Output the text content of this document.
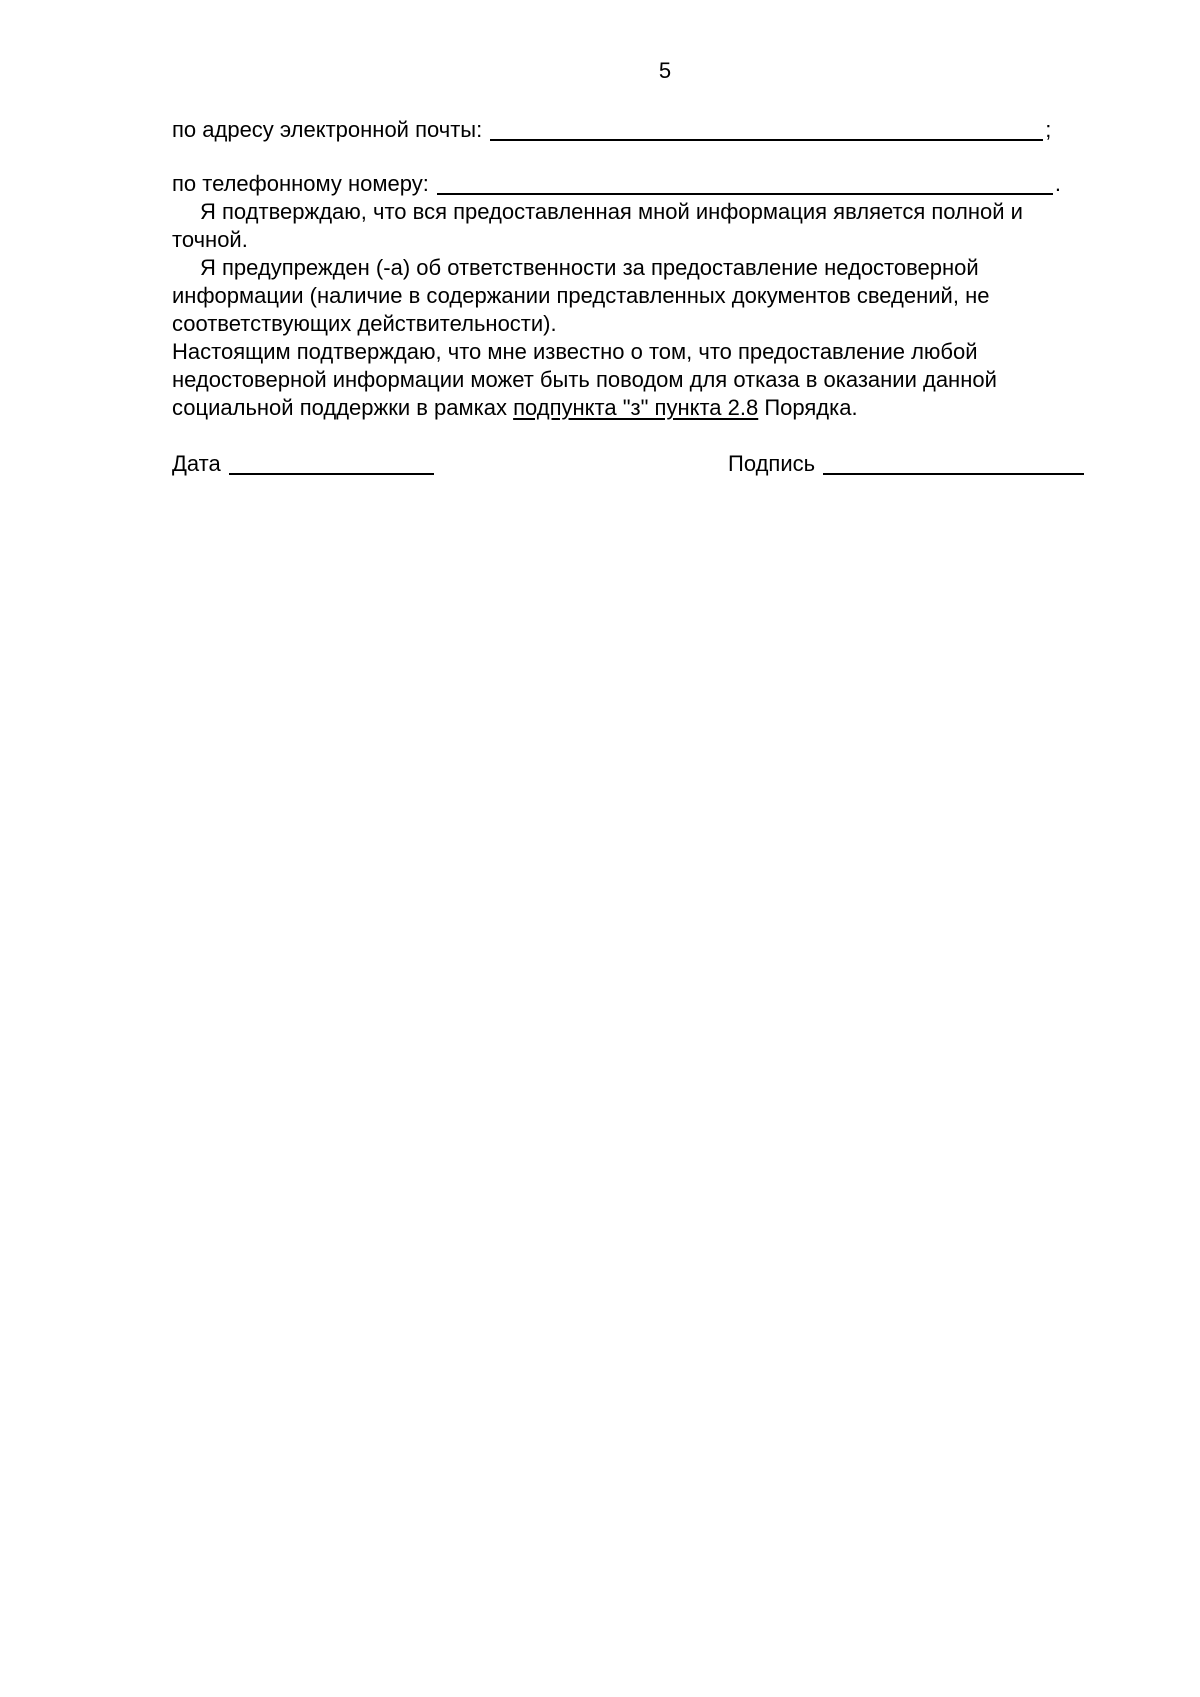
5
по адресу электронной почты:	;
по телефонному номеру:	.

Я подтверждаю, что вся предоставленная мной информация является полной и точной.

Я предупрежден (-а) об ответственности за предоставление недостоверной информации (наличие в содержании представленных документов сведений, не соответствующих действительности).

Настоящим подтверждаю, что мне известно о том, что предоставление любой недостоверной информации может быть поводом для отказа в оказании данной социальной поддержки в рамках подпункта "з" пункта 2.8 Порядка.

Дата	Подпись
